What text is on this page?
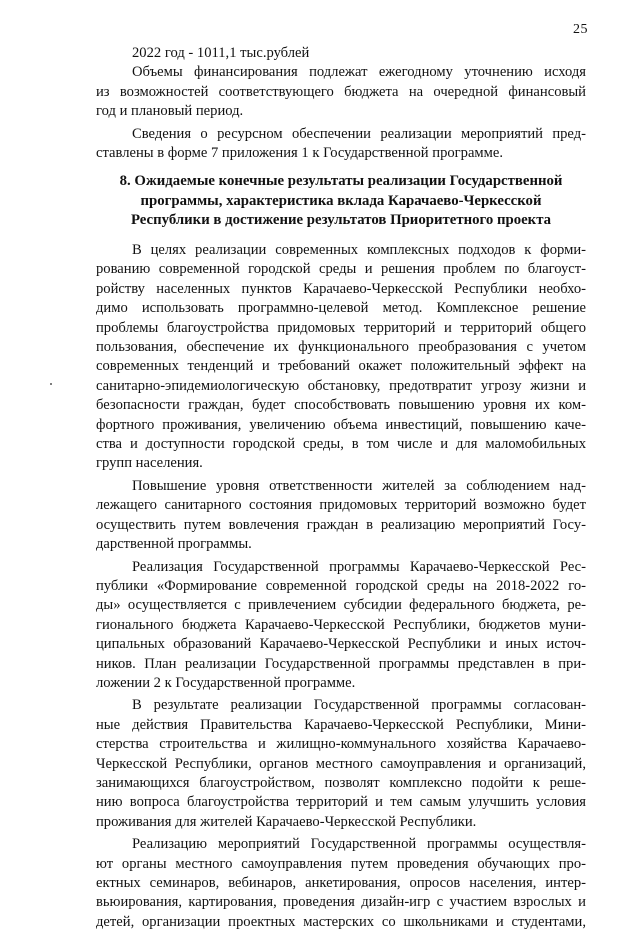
25
2022 год - 1011,1 тыс.рублей
Объемы финансирования подлежат ежегодному уточнению исходя
из возможностей соответствующего бюджета на очередной финансовый
год и плановый период.
Сведения о ресурсном обеспечении реализации мероприятий пред-
ставлены в форме 7 приложения 1 к Государственной программе.
8. Ожидаемые конечные результаты реализации Государственной
программы, характеристика вклада Карачаево-Черкесской
Республики в достижение результатов Приоритетного проекта
В целях реализации современных комплексных подходов к форми-
рованию современной городской среды и решения проблем по благоуст-
ройству населенных пунктов Карачаево-Черкесской Республики необхо-
димо использовать программно-целевой метод. Комплексное решение
проблемы благоустройства придомовых территорий и территорий общего
пользования, обеспечение их функционального преобразования с учетом
современных тенденций и требований окажет положительный эффект на
санитарно-эпидемиологическую обстановку, предотвратит угрозу жизни и
безопасности граждан, будет способствовать повышению уровня их ком-
фортного проживания, увеличению объема инвестиций, повышению каче-
ства и доступности городской среды, в том числе и для маломобильных
групп населения.
Повышение уровня ответственности жителей за соблюдением над-
лежащего санитарного состояния придомовых территорий возможно будет
осуществить путем вовлечения граждан в реализацию мероприятий Госу-
дарственной программы.
Реализация Государственной программы Карачаево-Черкесской Рес-
публики «Формирование современной городской среды на 2018-2022 го-
ды» осуществляется с привлечением субсидии федерального бюджета, ре-
гионального бюджета Карачаево-Черкесской Республики, бюджетов муни-
ципальных образований Карачаево-Черкесской Республики и иных источ-
ников. План реализации Государственной программы представлен в при-
ложении 2 к Государственной программе.
В результате реализации Государственной программы согласован-
ные действия Правительства Карачаево-Черкесской Республики, Мини-
стерства строительства и жилищно-коммунального хозяйства Карачаево-
Черкесской Республики, органов местного самоуправления и организаций,
занимающихся благоустройством, позволят комплексно подойти к реше-
нию вопроса благоустройства территорий и тем самым улучшить условия
проживания для жителей Карачаево-Черкесской Республики.
Реализацию мероприятий Государственной программы осуществля-
ют органы местного самоуправления путем проведения обучающих про-
ектных семинаров, вебинаров, анкетирования, опросов населения, интер-
вьюирования, картирования, проведения дизайн-игр с участием взрослых и
детей, организации проектных мастерских со школьниками и студентами,
